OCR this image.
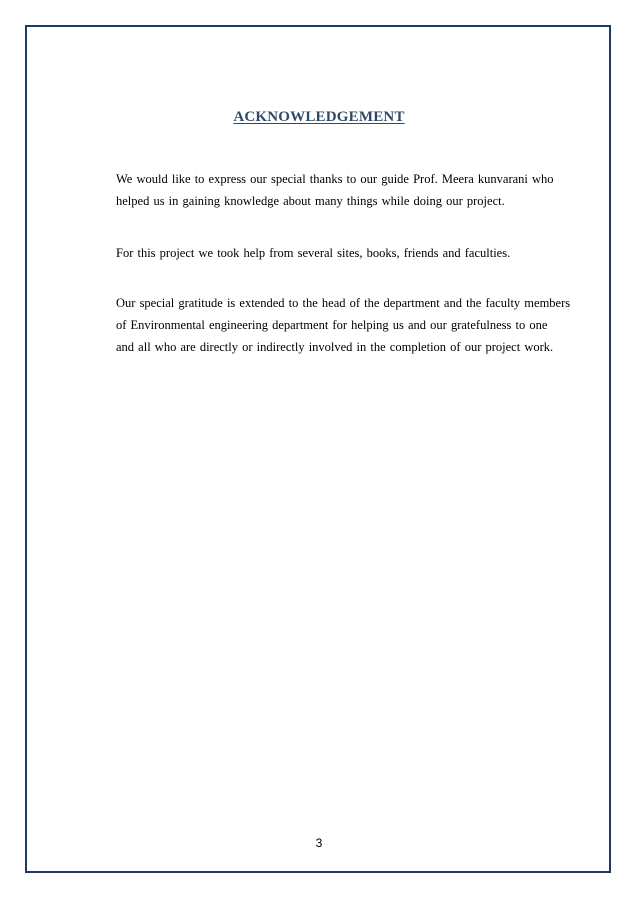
ACKNOWLEDGEMENT
We would like to express our special thanks to our guide Prof. Meera kunvarani who
helped us in gaining knowledge about many things while doing our project.
For this project we took help from several sites, books, friends and faculties.
Our special gratitude is extended to the head of the department and the faculty members
of Environmental engineering department for helping us and our gratefulness to one
and all who are directly or indirectly involved in the completion of our project work.
3
